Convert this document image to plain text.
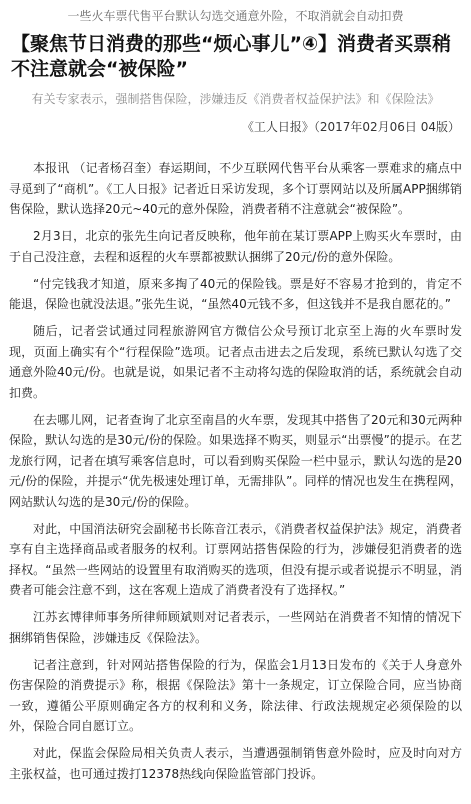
一些火车票代售平台默认勾选交通意外险，不取消就会自动扣费

【聚焦节日消费的那些“烦心事儿”④】消费者买票稍不注意就会“被保险”

有关专家表示，强制搭售保险，涉嫌违反《消费者权益保护法》和《保险法》

《工人日报》（2017年02月06日 04版）

本报讯 （记者杨召奎）春运期间，不少互联网代售平台从乘客一票难求的痛点中寻觅到了“商机”。《工人日报》记者近日采访发现，多个订票网站以及所属APP捆绑销售保险，默认选择20元~40元的意外保险，消费者稍不注意就会“被保险”。

2月3日，北京的张先生向记者反映称，他年前在某订票APP上购买火车票时，由于自己没注意，去程和返程的火车票都被默认捆绑了20元/份的意外保险。

“付完钱我才知道，原来多掏了40元的保险钱。票是好不容易才抢到的，肯定不能退，保险也就没法退。”张先生说，“虽然40元钱不多，但这钱并不是我自愿花的。”

随后，记者尝试通过同程旅游网官方微信公众号预订北京至上海的火车票时发现，页面上确实有个“行程保险”选项。记者点击进去之后发现，系统已默认勾选了交通意外险40元/份。也就是说，如果记者不主动将勾选的保险取消的话，系统就会自动扣费。

在去哪儿网，记者查询了北京至南昌的火车票，发现其中搭售了20元和30元两种保险，默认勾选的是30元/份的保险。如果选择不购买，则显示“出票慢”的提示。在艺龙旅行网，记者在填写乘客信息时，可以看到购买保险一栏中显示，默认勾选的是20元/份的保险，并提示“优先极速处理订单，无需排队”。同样的情况也发生在携程网，网站默认勾选的是30元/份的保险。

对此，中国消法研究会副秘书长陈音江表示，《消费者权益保护法》规定，消费者享有自主选择商品或者服务的权利。订票网站搭售保险的行为，涉嫌侵犯消费者的选择权。“虽然一些网站的设置里有取消购买的选项，但没有提示或者说提示不明显，消费者可能会注意不到，这在客观上造成了消费者没有了选择权。”

江苏玄博律师事务所律师顾斌则对记者表示，一些网站在消费者不知情的情况下捆绑销售保险，涉嫌违反《保险法》。

记者注意到，针对网站搭售保险的行为，保监会1月13日发布的《关于人身意外伤害保险的消费提示》称，根据《保险法》第十一条规定，订立保险合同，应当协商一致，遵循公平原则确定各方的权利和义务，除法律、行政法规规定必须保险的以外，保险合同自愿订立。

对此，保监会保险局相关负责人表示，当遭遇强制销售意外险时，应及时向对方主张权益，也可通过拨打12378热线向保险监管部门投诉。
